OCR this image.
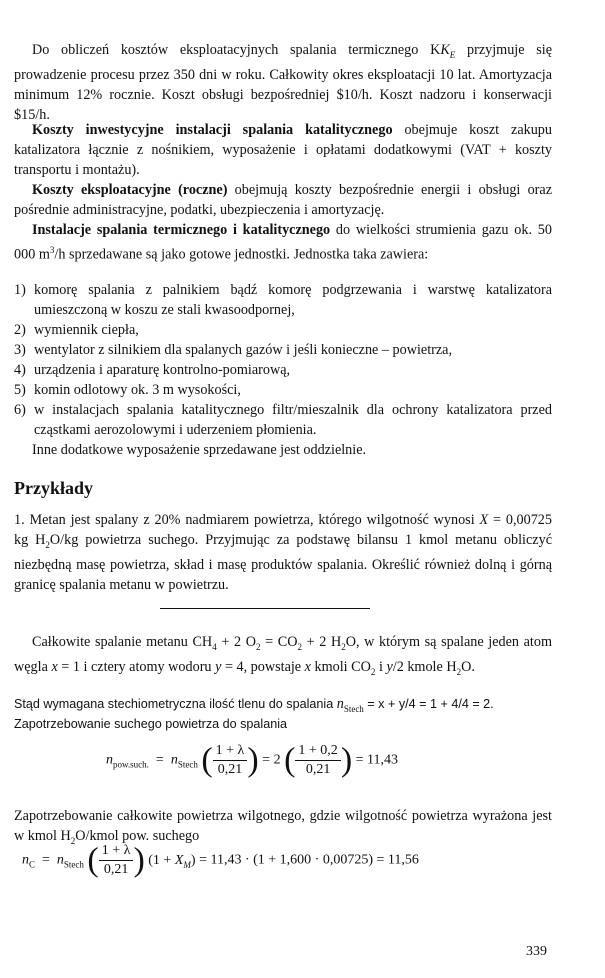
Do obliczeń kosztów eksploatacyjnych spalania termicznego $KK_E$ przyjmuje się prowadzenie procesu przez 350 dni w roku. Całkowity okres eksploatacji 10 lat. Amortyzacja minimum 12% rocznie. Koszt obsługi bezpośredniej $10/h. Koszt nadzoru i konserwacji $15/h.

Koszty inwestycyjne instalacji spalania katalitycznego obejmuje koszt zakupu katalizatora łącznie z nośnikiem, wyposażenie i opłatami dodatkowymi (VAT + koszty transportu i montażu).

Koszty eksploatacyjne (roczne) obejmują koszty bezpośrednie energii i obsługi oraz pośrednie administracyjne, podatki, ubezpieczenia i amortyzację.

Instalacje spalania termicznego i katalitycznego do wielkości strumienia gazu ok. 50 000 $m^3/h$ sprzedawane są jako gotowe jednostki. Jednostka taka zawiera:

1) komorę spalania z palnikiem bądź komorę podgrzewania i warstwę katalizatora umieszczoną w koszu ze stali kwasoodpornej,
2) wymiennik ciepła,
3) wentylator z silnikiem dla spalanych gazów i jeśli konieczne – powietrza,
4) urządzenia i aparaturę kontrolno-pomiarową,
5) komin odlotowy ok. 3 m wysokości,
6) w instalacjach spalania katalitycznego filtr/mieszalnik dla ochrony katalizatora przed cząstkami aerozolowymi i uderzeniem płomienia.

Inne dodatkowe wyposażenie sprzedawane jest oddzielnie.

Przykłady

1. Metan jest spalany z 20% nadmiarem powietrza, którego wilgotność wynosi X = 0,00725 kg $H_2O/kg$ powietrza suchego. Przyjmując za podstawę bilansu 1 kmol metanu obliczyć niezbędną masę powietrza, skład i masę produktów spalania. Określić również dolną i górną granicę spalania metanu w powietrzu.

Całkowite spalanie metanu $CH_4 + 2$ $O_2 = CO_2 + 2$ $H_2O$, w którym są spalane jeden atom węgla x = 1 i cztery atomy wodoru y = 4, powstaje x kmoli $CO_2$ i y/2 kmole $H_2O$.

Stąd wymagana stechiometryczna ilość tlenu do spalania $n_{Stech} = x + y/4 = 1 + 4/4 = 2$.

Zapotrzebowanie suchego powietrza do spalania

$n_{pow.such.} = n_{Stech}$ ( $\frac{1 + \lambda}{0,21}$ ) = 2 ( $\frac{1 + 0,2}{0,21}$ ) = 11,43

Zapotrzebowanie całkowite powietrza wilgotnego, gdzie wilgotność powietrza wyrażona jest w kmol $H_2O$/kmol pow. suchego

$n_C = n_{Stech}$ ( $\frac{1 + \lambda}{0,21}$ ) $(1 + X_M) = 11,43 \cdot (1 + 1,600 \cdot 0,00725) = 11,56$
339
